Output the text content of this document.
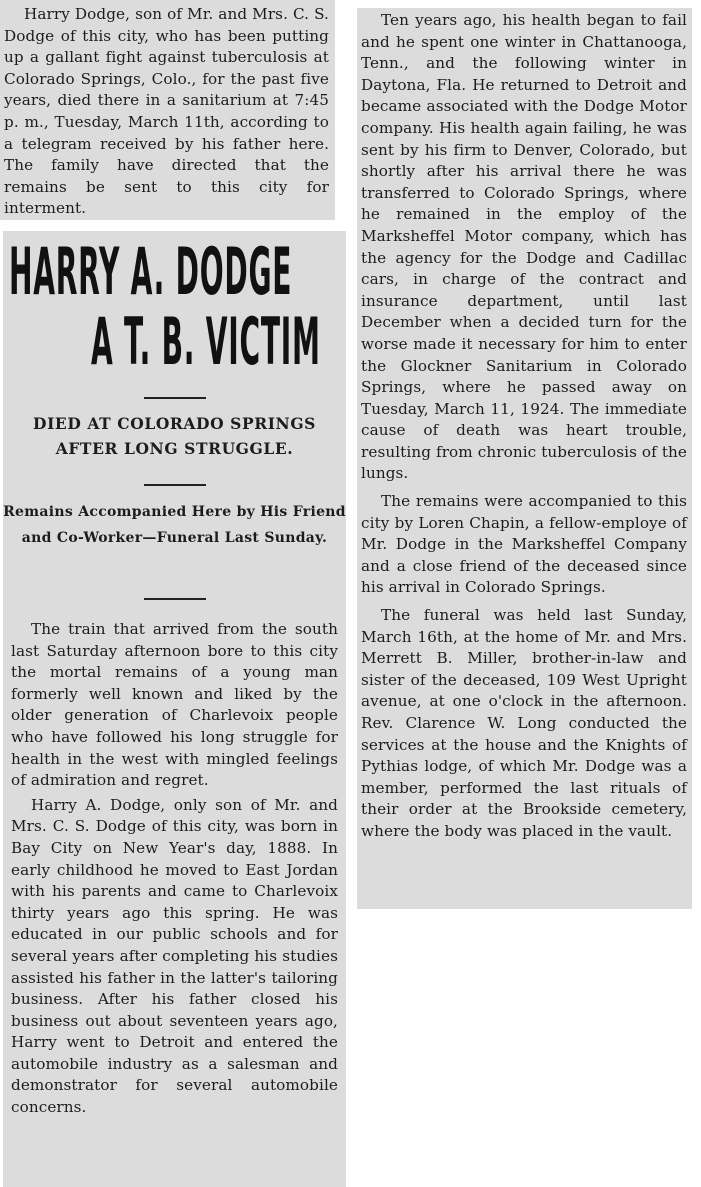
Harry Dodge, son of Mr. and Mrs. C. S. Dodge of this city, who has been putting up a gallant fight against tuberculosis at Colorado Springs, Colo., for the past five years, died there in a sanitarium at 7:45 p. m., Tuesday, March 11th, according to a telegram received by his father here. The family have directed that the remains be sent to this city for interment.

HARRY A. DODGE
A T. B. VICTIM
DIED AT COLORADO SPRINGS AFTER LONG STRUGGLE.
Remains Accompanied Here by His Friend and Co-Worker—Funeral Last Sunday.

The train that arrived from the south last Saturday afternoon bore to this city the mortal remains of a young man formerly well known and liked by the older generation of Charlevoix people who have followed his long struggle for health in the west with mingled feelings of admiration and regret.

Harry A. Dodge, only son of Mr. and Mrs. C. S. Dodge of this city, was born in Bay City on New Year's day, 1888. In early childhood he moved to East Jordan with his parents and came to Charlevoix thirty years ago this spring. He was educated in our public schools and for several years after completing his studies assisted his father in the latter's tailoring business. After his father closed his business out about seventeen years ago, Harry went to Detroit and entered the automobile industry as a salesman and demonstrator for several automobile concerns.

Ten years ago, his health began to fail and he spent one winter in Chattanooga, Tenn., and the following winter in Daytona, Fla. He returned to Detroit and became associated with the Dodge Motor company. His health again failing, he was sent by his firm to Denver, Colorado, but shortly after his arrival there he was transferred to Colorado Springs, where he remained in the employ of the Marksheffel Motor company, which has the agency for the Dodge and Cadillac cars, in charge of the contract and insurance department, until last December when a decided turn for the worse made it necessary for him to enter the Glockner Sanitarium in Colorado Springs, where he passed away on Tuesday, March 11, 1924. The immediate cause of death was heart trouble, resulting from chronic tuberculosis of the lungs.

The remains were accompanied to this city by Loren Chapin, a fellow-employe of Mr. Dodge in the Marksheffel Company and a close friend of the deceased since his arrival in Colorado Springs.

The funeral was held last Sunday, March 16th, at the home of Mr. and Mrs. Merrett B. Miller, brother-in-law and sister of the deceased, 109 West Upright avenue, at one o'clock in the afternoon. Rev. Clarence W. Long conducted the services at the house and the Knights of Pythias lodge, of which Mr. Dodge was a member, performed the last rituals of their order at the Brookside cemetery, where the body was placed in the vault.
